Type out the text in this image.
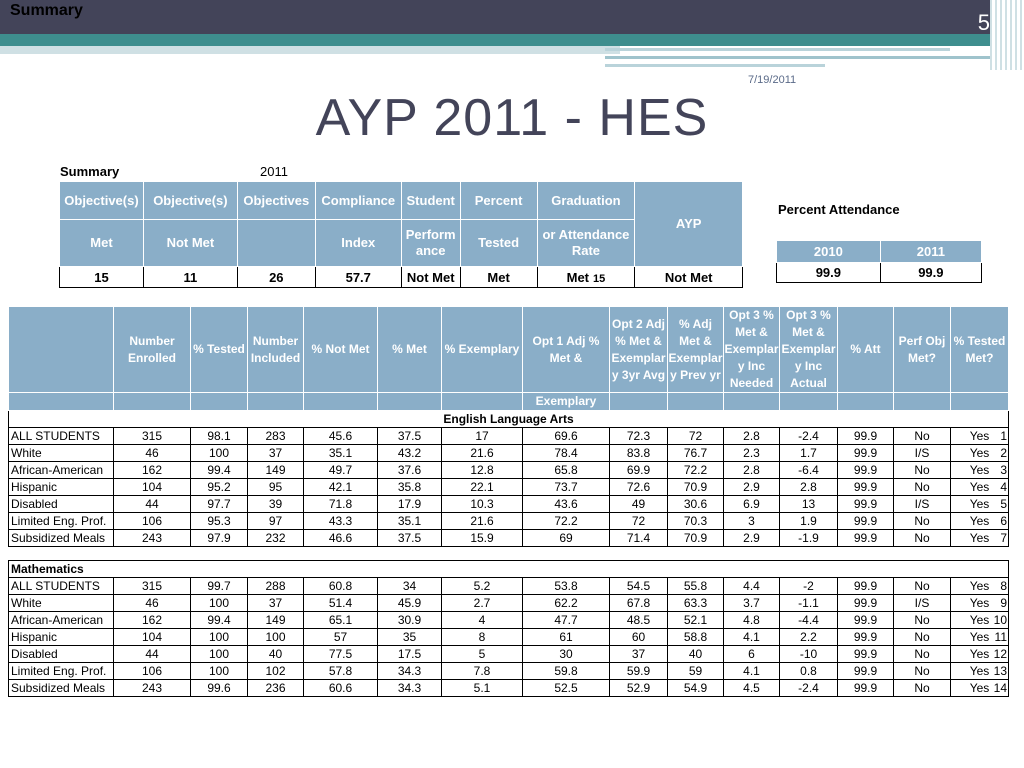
Summary	5
7/19/2011
AYP 2011 - HES
Summary	2011
Objective(s)	Objective(s)	Objectives	Compliance	Student	Percent	Graduation	AYP
Met	Not Met		Index	Perform ance	Tested	or Attendance Rate	
15	11	26	57.7	Not Met	Met	Met 15	Not Met
Percent Attendance
2010	2011
99.9	99.9
	Number Enrolled	% Tested	Number Included	% Not Met	% Met	% Exemplary	Opt 1 Adj % Met &	Opt 2 Adj % Met & Exemplar y 3yr Avg	% Adj Met & Exemplar y Prev yr	Opt 3 % Met & Exemplar y Inc Needed	Opt 3 % Met & Exemplar y Inc Actual	% Att	Perf Obj Met?	% Tested Met?
							Exemplary							
English Language Arts														
ALL STUDENTS	315	98.1	283	45.6	37.5	17	69.6	72.3	72	2.8	-2.4	99.9	No	Yes 1

White	46	100	37	35.1	43.2	21.6	78.4	83.8	76.7	2.3	1.7	99.9	I/S	Yes 2

African-American	162	99.4	149	49.7	37.6	12.8	65.8	69.9	72.2	2.8	-6.4	99.9	No	Yes 3

Hispanic	104	95.2	95	42.1	35.8	22.1	73.7	72.6	70.9	2.9	2.8	99.9	No	Yes 4

Disabled	44	97.7	39	71.8	17.9	10.3	43.6	49	30.6	6.9	13	99.9	I/S	Yes 5

Limited Eng. Prof.	106	95.3	97	43.3	35.1	21.6	72.2	72	70.3	3	1.9	99.9	No	Yes 6

Subsidized Meals	243	97.9	232	46.6	37.5	15.9	69	71.4	70.9	2.9	-1.9	99.9	No	Yes 7

Mathematics														
ALL STUDENTS	315	99.7	288	60.8	34	5.2	53.8	54.5	55.8	4.4	-2	99.9	No	Yes 8

White	46	100	37	51.4	45.9	2.7	62.2	67.8	63.3	3.7	-1.1	99.9	I/S	Yes 9

African-American	162	99.4	149	65.1	30.9	4	47.7	48.5	52.1	4.8	-4.4	99.9	No	Yes 10

Hispanic	104	100	100	57	35	8	61	60	58.8	4.1	2.2	99.9	No	Yes 11

Disabled	44	100	40	77.5	17.5	5	30	37	40	6	-10	99.9	No	Yes 12

Limited Eng. Prof.	106	100	102	57.8	34.3	7.8	59.8	59.9	59	4.1	0.8	99.9	No	Yes 13

Subsidized Meals	243	99.6	236	60.6	34.3	5.1	52.5	52.9	54.9	4.5	-2.4	99.9	No	Yes 14
